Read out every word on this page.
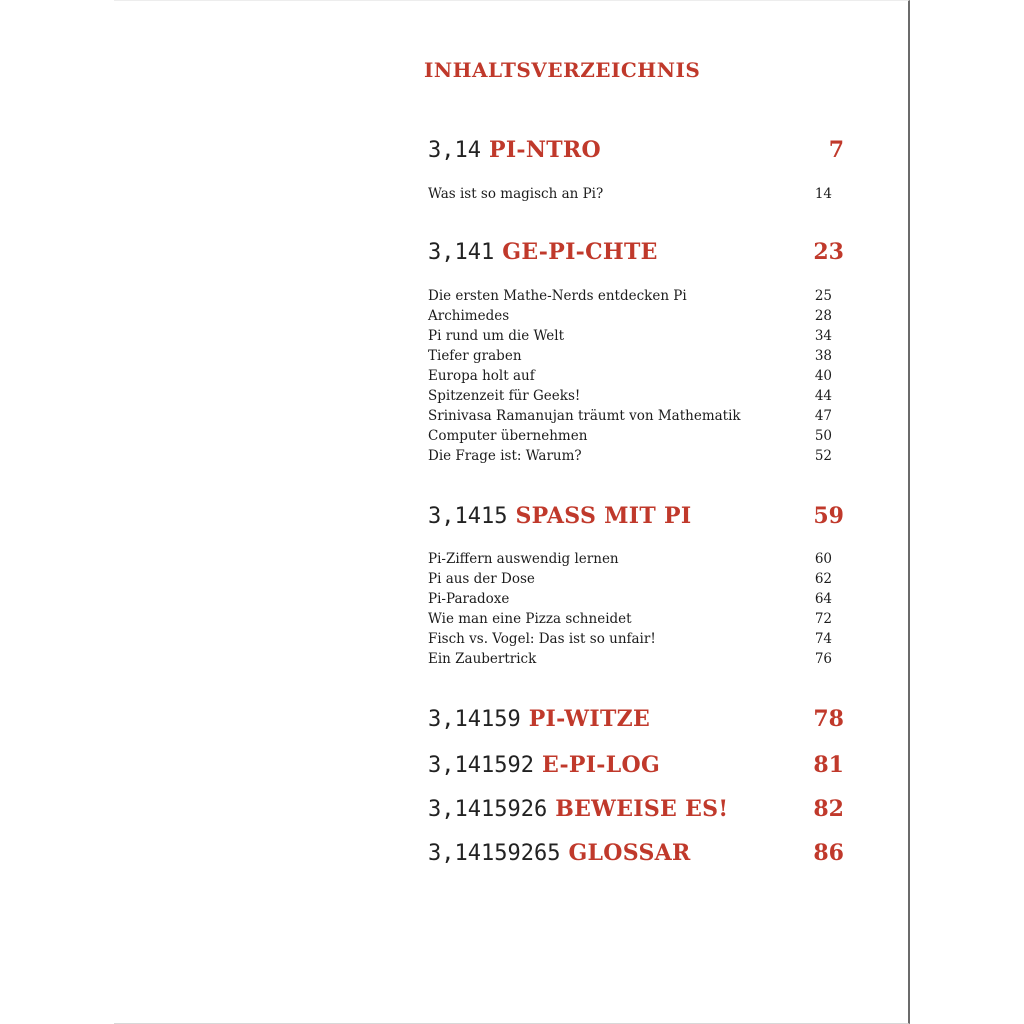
INHALTSVERZEICHNIS
3,14 PI-NTRO	7
Was ist so magisch an Pi?	14
3,141 GE-PI-CHTE	23
Die ersten Mathe-Nerds entdecken Pi	25
Archimedes	28
Pi rund um die Welt	34
Tiefer graben	38
Europa holt auf	40
Spitzenzeit für Geeks!	44
Srinivasa Ramanujan träumt von Mathematik	47
Computer übernehmen	50
Die Frage ist: Warum?	52
3,1415 SPASS MIT PI	59
Pi-Ziffern auswendig lernen	60
Pi aus der Dose	62
Pi-Paradoxe	64
Wie man eine Pizza schneidet	72
Fisch vs. Vogel: Das ist so unfair!	74
Ein Zaubertrick	76
3,14159 PI-WITZE	78
3,141592 E-PI-LOG	81
3,1415926 BEWEISE ES!	82
3,14159265 GLOSSAR	86
